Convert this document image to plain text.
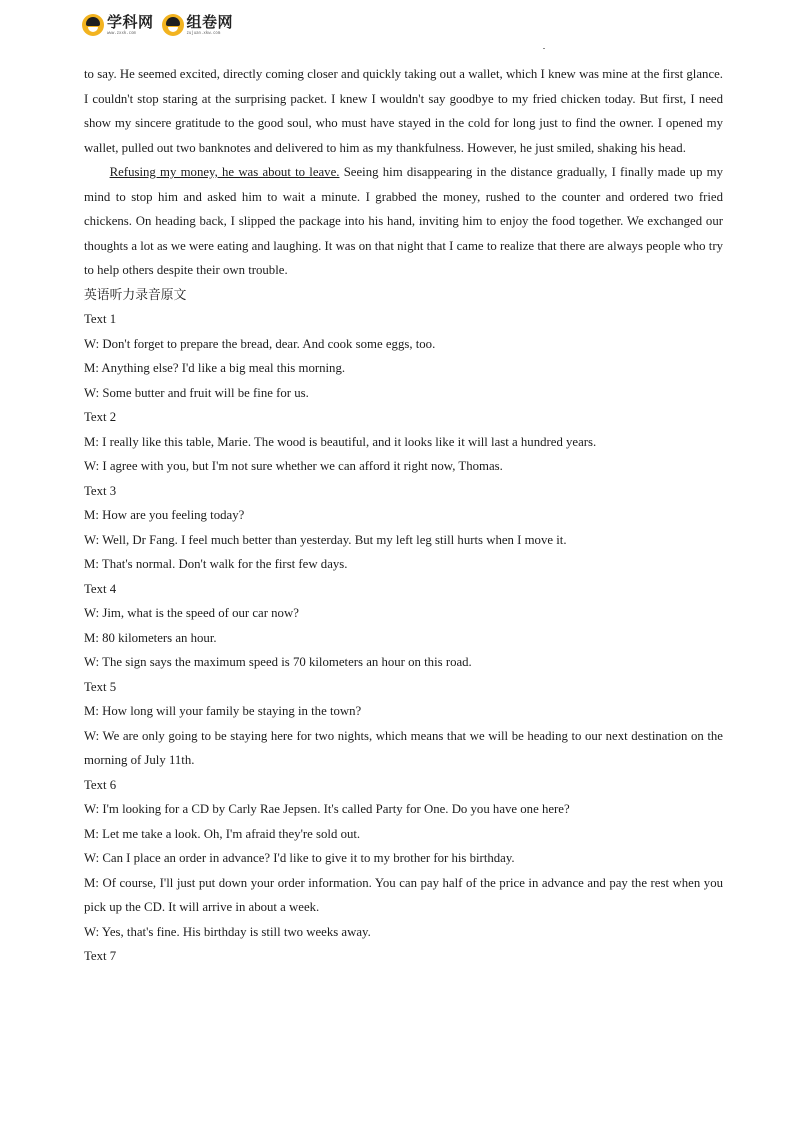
学科网
www.zxxk.com
组卷网
zujuan.xkw.com

to say. He seemed excited, directly coming closer and quickly taking out a wallet, which I knew was mine at the first glance. I couldn't stop staring at the surprising packet. I knew I wouldn't say goodbye to my fried chicken today. But first, I need show my sincere gratitude to the good soul, who must have stayed in the cold for long just to find the owner. I opened my wallet, pulled out two banknotes and delivered to him as my thankfulness. However, he just smiled, shaking his head.

Refusing my money, he was about to leave. Seeing him disappearing in the distance gradually, I finally made up my mind to stop him and asked him to wait a minute. I grabbed the money, rushed to the counter and ordered two fried chickens. On heading back, I slipped the package into his hand, inviting him to enjoy the food together. We exchanged our thoughts a lot as we were eating and laughing. It was on that night that I came to realize that there are always people who try to help others despite their own trouble.

英语听力录音原文

Text 1

W: Don't forget to prepare the bread, dear. And cook some eggs, too.

M: Anything else? I'd like a big meal this morning.

W: Some butter and fruit will be fine for us.

Text 2

M: I really like this table, Marie. The wood is beautiful, and it looks like it will last a hundred years.

W: I agree with you, but I'm not sure whether we can afford it right now, Thomas.

Text 3

M: How are you feeling today?

W: Well, Dr Fang. I feel much better than yesterday. But my left leg still hurts when I move it.

M: That's normal. Don't walk for the first few days.

Text 4

W: Jim, what is the speed of our car now?

M: 80 kilometers an hour.

W: The sign says the maximum speed is 70 kilometers an hour on this road.

Text 5

M: How long will your family be staying in the town?

W: We are only going to be staying here for two nights, which means that we will be heading to our next destination on the morning of July 11th.

Text 6

W: I'm looking for a CD by Carly Rae Jepsen. It's called Party for One. Do you have one here?

M: Let me take a look. Oh, I'm afraid they're sold out.

W: Can I place an order in advance? I'd like to give it to my brother for his birthday.

M: Of course, I'll just put down your order information. You can pay half of the price in advance and pay the rest when you pick up the CD. It will arrive in about a week.

W: Yes, that's fine. His birthday is still two weeks away.

Text 7
